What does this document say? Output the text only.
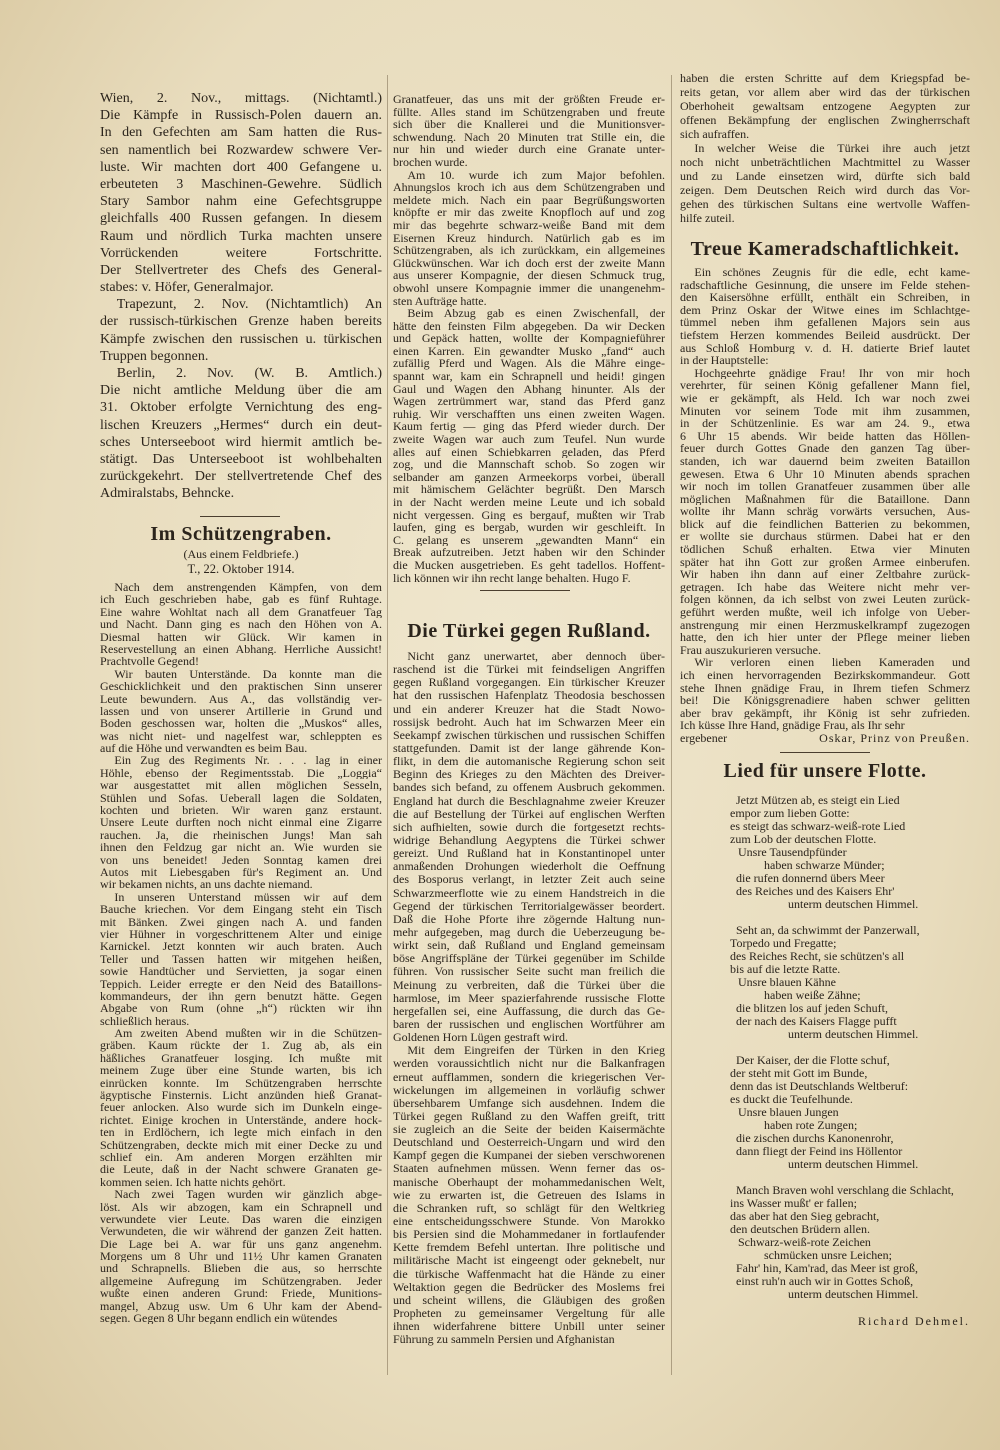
Wien, 2. Nov., mittags. (Nichtamtl.)
Die Kämpfe in Russisch-Polen dauern an.
In den Gefechten am Sam hatten die Rus-
sen namentlich bei Rozwardew schwere Ver-
luste. Wir machten dort 400 Gefangene u.
erbeuteten 3 Maschinen-Gewehre. Südlich
Stary Sambor nahm eine Gefechtsgruppe
gleichfalls 400 Russen gefangen. In diesem
Raum und nördlich Turka machten unsere
Vorrückenden weitere Fortschritte.
Der Stellvertreter des Chefs des General-
stabes: v. Höfer, Generalmajor.
Trapezunt, 2. Nov. (Nichtamtlich) An
der russisch-türkischen Grenze haben bereits
Kämpfe zwischen den russischen u. türkischen
Truppen begonnen.
Berlin, 2. Nov. (W. B. Amtlich.)
Die nicht amtliche Meldung über die am
31. Oktober erfolgte Vernichtung des eng-
lischen Kreuzers „Hermes“ durch ein deut-
sches Unterseeboot wird hiermit amtlich be-
stätigt. Das Unterseeboot ist wohlbehalten
zurückgekehrt. Der stellvertretende Chef des
Admiralstabs, Behncke.
Im Schützengraben.
(Aus einem Feldbriefe.)
T., 22. Oktober 1914.
Nach dem anstrengenden Kämpfen, von dem
ich Euch geschrieben habe, gab es fünf Ruhtage.
Eine wahre Wohltat nach all dem Granatfeuer Tag
und Nacht. Dann ging es nach den Höhen von A.
Diesmal hatten wir Glück. Wir kamen in
Reservestellung an einen Abhang. Herrliche Aussicht!
Prachtvolle Gegend!
Wir bauten Unterstände. Da konnte man die
Geschicklichkeit und den praktischen Sinn unserer
Leute bewundern. Aus A., das vollständig ver-
lassen und von unserer Artillerie in Grund und
Boden geschossen war, holten die „Muskos“ alles,
was nicht niet- und nagelfest war, schleppten es
auf die Höhe und verwandten es beim Bau.
Ein Zug des Regiments Nr. . . . lag in einer
Höhle, ebenso der Regimentsstab. Die „Loggia“
war ausgestattet mit allen möglichen Sesseln,
Stühlen und Sofas. Ueberall lagen die Soldaten,
kochten und brieten. Wir waren ganz erstaunt.
Unsere Leute durften noch nicht einmal eine Zigarre
rauchen. Ja, die rheinischen Jungs! Man sah
ihnen den Feldzug gar nicht an. Wie wurden sie
von uns beneidet! Jeden Sonntag kamen drei
Autos mit Liebesgaben für's Regiment an. Und
wir bekamen nichts, an uns dachte niemand.
In unseren Unterstand müssen wir auf dem
Bauche kriechen. Vor dem Eingang steht ein Tisch
mit Bänken. Zwei gingen nach A. und fanden
vier Hühner in vorgeschrittenem Alter und einige
Karnickel. Jetzt konnten wir auch braten. Auch
Teller und Tassen hatten wir mitgehen heißen,
sowie Handtücher und Servietten, ja sogar einen
Teppich. Leider erregte er den Neid des Bataillons-
kommandeurs, der ihn gern benutzt hätte. Gegen
Abgabe von Rum (ohne „h“) rückten wir ihn
schließlich heraus.
Am zweiten Abend mußten wir in die Schützen-
gräben. Kaum rückte der 1. Zug ab, als ein
häßliches Granatfeuer losging. Ich mußte mit
meinem Zuge über eine Stunde warten, bis ich
einrücken konnte. Im Schützengraben herrschte
ägyptische Finsternis. Licht anzünden hieß Granat-
feuer anlocken. Also wurde sich im Dunkeln einge-
richtet. Einige krochen in Unterstände, andere hock-
ten in Erdlöchern, ich legte mich einfach in den
Schützengraben, deckte mich mit einer Decke zu und
schlief ein. Am anderen Morgen erzählten mir
die Leute, daß in der Nacht schwere Granaten ge-
kommen seien. Ich hatte nichts gehört.
Nach zwei Tagen wurden wir gänzlich abge-
löst. Als wir abzogen, kam ein Schrapnell und
verwundete vier Leute. Das waren die einzigen
Verwundeten, die wir während der ganzen Zeit hatten.
Die Lage bei A. war für uns ganz angenehm.
Morgens um 8 Uhr und 11½ Uhr kamen Granaten
und Schrapnells. Blieben die aus, so herrschte
allgemeine Aufregung im Schützengraben. Jeder
wußte einen anderen Grund: Friede, Munitions-
mangel, Abzug usw. Um 6 Uhr kam der Abend-
segen. Gegen 8 Uhr begann endlich ein wütendes
Granatfeuer, das uns mit der größten Freude er-
füllte. Alles stand im Schützengraben und freute
sich über die Knallerei und die Munitionsver-
schwendung. Nach 20 Minuten trat Stille ein, die
nur hin und wieder durch eine Granate unter-
brochen wurde.
Am 10. wurde ich zum Major befohlen.
Ahnungslos kroch ich aus dem Schützengraben und
meldete mich. Nach ein paar Begrüßungsworten
knöpfte er mir das zweite Knopfloch auf und zog
mir das begehrte schwarz-weiße Band mit dem
Eisernen Kreuz hindurch. Natürlich gab es im
Schützengraben, als ich zurückkam, ein allgemeines
Glückwünschen. War ich doch erst der zweite Mann
aus unserer Kompagnie, der diesen Schmuck trug,
obwohl unsere Kompagnie immer die unangenehm-
sten Aufträge hatte.
Beim Abzug gab es einen Zwischenfall, der
hätte den feinsten Film abgegeben. Da wir Decken
und Gepäck hatten, wollte der Kompagnieführer
einen Karren. Ein gewandter Musko „fand“ auch
zufällig Pferd und Wagen. Als die Mähre einge-
spannt war, kam ein Schrapnell und heidi! gingen
Gaul und Wagen den Abhang hinunter. Als der
Wagen zertrümmert war, stand das Pferd ganz
ruhig. Wir verschafften uns einen zweiten Wagen.
Kaum fertig — ging das Pferd wieder durch. Der
zweite Wagen war auch zum Teufel. Nun wurde
alles auf einen Schiebkarren geladen, das Pferd
zog, und die Mannschaft schob. So zogen wir
selbander am ganzen Armeekorps vorbei, überall
mit hämischem Gelächter begrüßt. Den Marsch
in der Nacht werden meine Leute und ich sobald
nicht vergessen. Ging es bergauf, mußten wir Trab
laufen, ging es bergab, wurden wir geschleift. In
C. gelang es unserem „gewandten Mann“ ein
Break aufzutreiben. Jetzt haben wir den Schinder
die Mucken ausgetrieben. Es geht tadellos. Hoffent-
lich können wir ihn recht lange behalten. Hugo F.
Die Türkei gegen Rußland.
Nicht ganz unerwartet, aber dennoch über-
raschend ist die Türkei mit feindseligen Angriffen
gegen Rußland vorgegangen. Ein türkischer Kreuzer
hat den russischen Hafenplatz Theodosia beschossen
und ein anderer Kreuzer hat die Stadt Nowo-
rossijsk bedroht. Auch hat im Schwarzen Meer ein
Seekampf zwischen türkischen und russischen Schiffen
stattgefunden. Damit ist der lange gährende Kon-
flikt, in dem die automanische Regierung schon seit
Beginn des Krieges zu den Mächten des Dreiver-
bandes sich befand, zu offenem Ausbruch gekommen.
England hat durch die Beschlagnahme zweier Kreuzer
die auf Bestellung der Türkei auf englischen Werften
sich aufhielten, sowie durch die fortgesetzt rechts-
widrige Behandlung Aegyptens die Türkei schwer
gereizt. Und Rußland hat in Konstantinopel unter
anmaßenden Drohungen wiederholt die Oeffnung
des Bosporus verlangt, in letzter Zeit auch seine
Schwarzmeerflotte wie zu einem Handstreich in die
Gegend der türkischen Territorialgewässer beordert.
Daß die Hohe Pforte ihre zögernde Haltung nun-
mehr aufgegeben, mag durch die Ueberzeugung be-
wirkt sein, daß Rußland und England gemeinsam
böse Angriffspläne der Türkei gegenüber im Schilde
führen. Von russischer Seite sucht man freilich die
Meinung zu verbreiten, daß die Türkei über die
harmlose, im Meer spazierfahrende russische Flotte
hergefallen sei, eine Auffassung, die durch das Ge-
baren der russischen und englischen Wortführer am
Goldenen Horn Lügen gestraft wird.
Mit dem Eingreifen der Türken in den Krieg
werden voraussichtlich nicht nur die Balkanfragen
erneut aufflammen, sondern die kriegerischen Ver-
wickelungen im allgemeinen in vorläufig schwer
übersehbarem Umfange sich ausdehnen. Indem die
Türkei gegen Rußland zu den Waffen greift, tritt
sie zugleich an die Seite der beiden Kaisermächte
Deutschland und Oesterreich-Ungarn und wird den
Kampf gegen die Kumpanei der sieben verschworenen
Staaten aufnehmen müssen. Wenn ferner das os-
manische Oberhaupt der mohammedanischen Welt,
wie zu erwarten ist, die Getreuen des Islams in
die Schranken ruft, so schlägt für den Weltkrieg
eine entscheidungsschwere Stunde. Von Marokko
bis Persien sind die Mohammedaner in fortlaufender
Kette fremdem Befehl untertan. Ihre politische und
militärische Macht ist eingeengt oder geknebelt, nur
die türkische Waffenmacht hat die Hände zu einer
Weltaktion gegen die Bedrücker des Moslems frei
und scheint willens, die Gläubigen des großen
Propheten zu gemeinsamer Vergeltung für alle
ihnen widerfahrene bittere Unbill unter seiner
Führung zu sammeln Persien und Afghanistan
haben die ersten Schritte auf dem Kriegspfad be-
reits getan, vor allem aber wird das der türkischen
Oberhoheit gewaltsam entzogene Aegypten zur
offenen Bekämpfung der englischen Zwingherrschaft
sich aufraffen.
In welcher Weise die Türkei ihre auch jetzt
noch nicht unbeträchtlichen Machtmittel zu Wasser
und zu Lande einsetzen wird, dürfte sich bald
zeigen. Dem Deutschen Reich wird durch das Vor-
gehen des türkischen Sultans eine wertvolle Waffen-
hilfe zuteil.
Treue Kameradschaftlichkeit.
Ein schönes Zeugnis für die edle, echt kame-
radschaftliche Gesinnung, die unsere im Felde stehen-
den Kaisersöhne erfüllt, enthält ein Schreiben, in
dem Prinz Oskar der Witwe eines im Schlachtge-
tümmel neben ihm gefallenen Majors sein aus
tiefstem Herzen kommendes Beileid ausdrückt. Der
aus Schloß Homburg v. d. H. datierte Brief lautet
in der Hauptstelle:
Hochgeehrte gnädige Frau! Ihr von mir hoch
verehrter, für seinen König gefallener Mann fiel,
wie er gekämpft, als Held. Ich war noch zwei
Minuten vor seinem Tode mit ihm zusammen,
in der Schützenlinie. Es war am 24. 9., etwa
6 Uhr 15 abends. Wir beide hatten das Höllen-
feuer durch Gottes Gnade den ganzen Tag über-
standen, ich war dauernd beim zweiten Bataillon
gewesen. Etwa 6 Uhr 10 Minuten abends sprachen
wir noch im tollen Granatfeuer zusammen über alle
möglichen Maßnahmen für die Bataillone. Dann
wollte ihr Mann schräg vorwärts versuchen, Aus-
blick auf die feindlichen Batterien zu bekommen,
er wollte sie durchaus stürmen. Dabei hat er den
tödlichen Schuß erhalten. Etwa vier Minuten
später hat ihn Gott zur großen Armee einberufen.
Wir haben ihn dann auf einer Zeltbahre zurück-
getragen. Ich habe das Weitere nicht mehr ver-
folgen können, da ich selbst von zwei Leuten zurück-
geführt werden mußte, weil ich infolge von Ueber-
anstrengung mir einen Herzmuskelkrampf zugezogen
hatte, den ich hier unter der Pflege meiner lieben
Frau auszukurieren versuche.
Wir verloren einen lieben Kameraden und
ich einen hervorragenden Bezirkskommandeur. Gott
stehe Ihnen gnädige Frau, in Ihrem tiefen Schmerz
bei! Die Königsgrenadiere haben schwer gelitten
aber brav gekämpft, ihr König ist sehr zufrieden.
Ich küsse Ihre Hand, gnädige Frau, als Ihr sehr
ergebener	Oskar, Prinz von Preußen.
Lied für unsere Flotte.
Jetzt Mützen ab, es steigt ein Lied
empor zum lieben Gotte:
es steigt das schwarz-weiß-rote Lied
zum Lob der deutschen Flotte.
Unsre Tausendpfünder
haben schwarze Münder;
die rufen donnernd übers Meer
des Reiches und des Kaisers Ehr'
unterm deutschen Himmel.
Seht an, da schwimmt der Panzerwall,
Torpedo und Fregatte;
des Reiches Recht, sie schützen's all
bis auf die letzte Ratte.
Unsre blauen Kähne
haben weiße Zähne;
die blitzen los auf jeden Schuft,
der nach des Kaisers Flagge pufft
unterm deutschen Himmel.
Der Kaiser, der die Flotte schuf,
der steht mit Gott im Bunde,
denn das ist Deutschlands Weltberuf:
es duckt die Teufelhunde.
Unsre blauen Jungen
haben rote Zungen;
die zischen durchs Kanonenrohr,
dann fliegt der Feind ins Höllentor
unterm deutschen Himmel.
Manch Braven wohl verschlang die Schlacht,
ins Wasser mußt' er fallen;
das aber hat den Sieg gebracht,
den deutschen Brüdern allen.
Schwarz-weiß-rote Zeichen
schmücken unsre Leichen;
Fahr' hin, Kam'rad, das Meer ist groß,
einst ruh'n auch wir in Gottes Schoß,
unterm deutschen Himmel.
Richard Dehmel.
